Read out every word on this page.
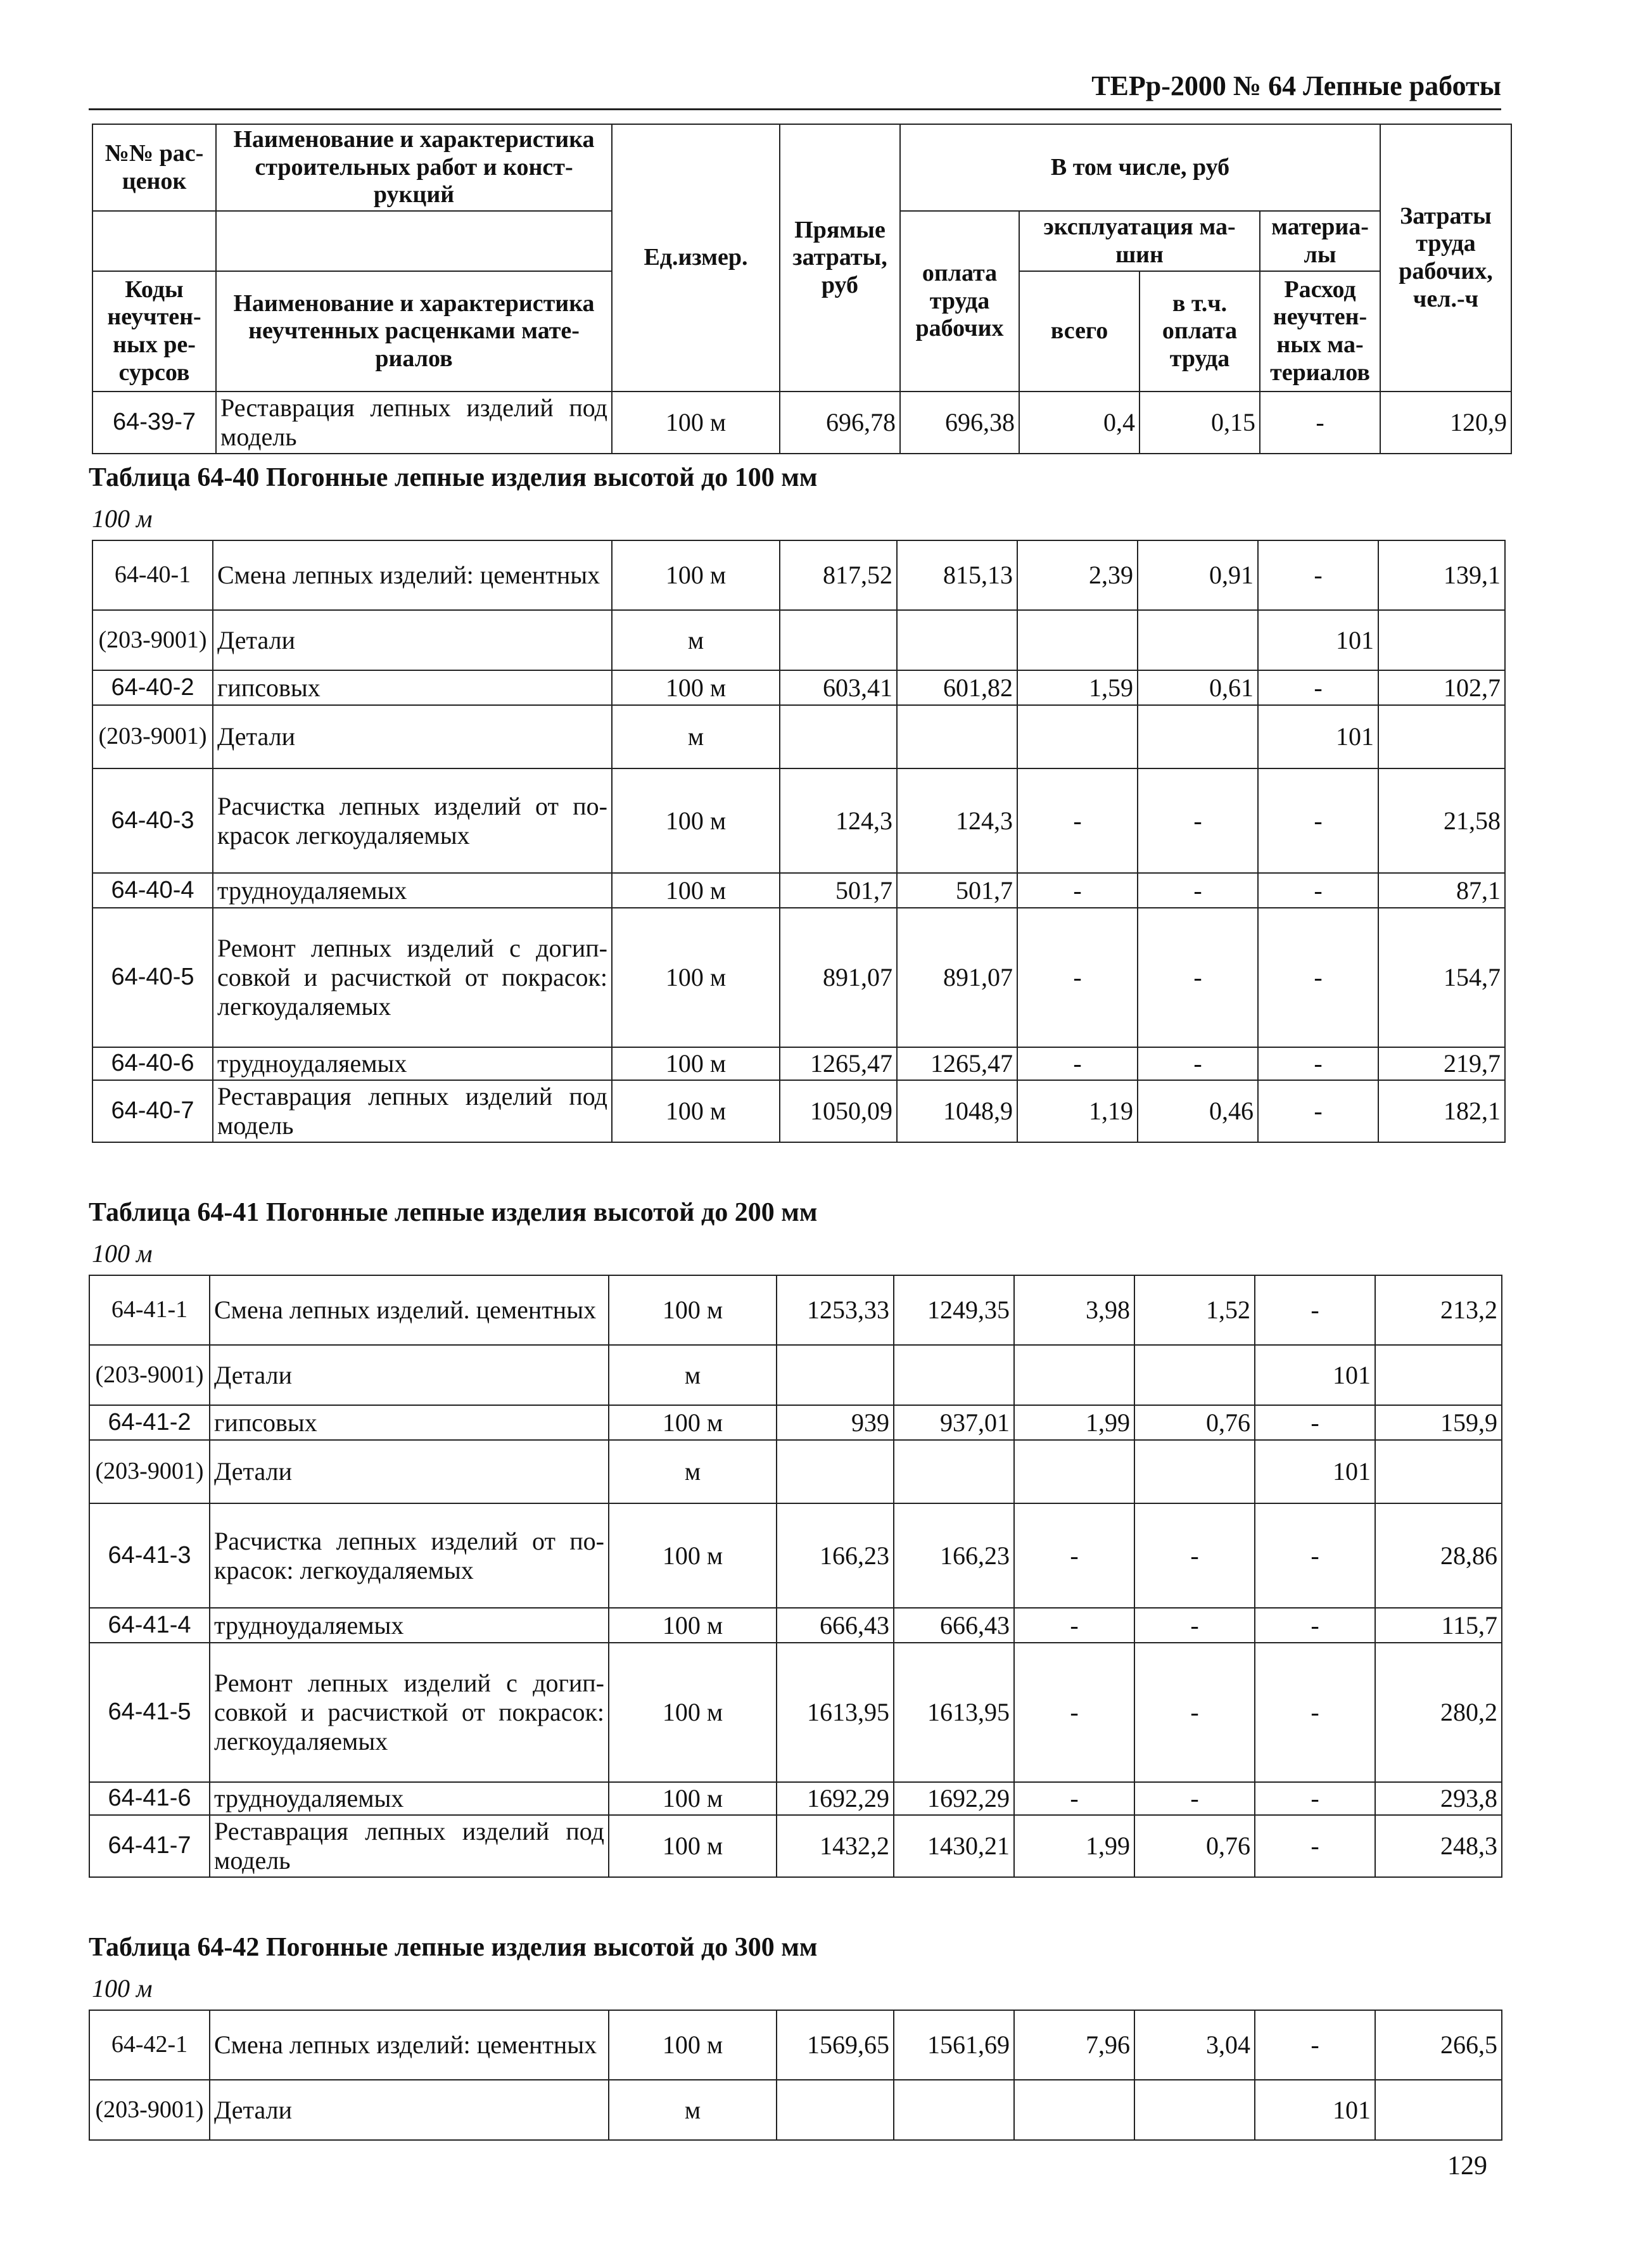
ТЕРр-2000 № 64 Лепные работы
№№ рас-ценок	Наименование и характеристика строительных работ и конст-рукций	Ед.измер.	Прямые затраты, руб	В том числе, руб				Затраты труда рабочих, чел.-ч
				оплата труда рабочих	эксплуатация ма-шин		материа-лы	
Коды неучтен-ных ре-сурсов	Наименование и характеристика неучтенных расценками мате-риалов				всего	в т.ч. оплата труда	Расход неучтен-ных ма-териалов	

64-39-7	Реставрация лепных изделий под модель	100 м	696,78	696,38	0,4	0,15	-	120,9
Таблица 64-40 Погонные лепные изделия высотой до 100 мм
100 м
64-40-1	Смена лепных изделий: цементных	100 м	817,52	815,13	2,39	0,91	-	139,1
(203-9001)	Детали	м					101	
64-40-2	гипсовых	100 м	603,41	601,82	1,59	0,61	-	102,7
(203-9001)	Детали	м					101	
64-40-3	Расчистка лепных изделий от по-красок легкоудаляемых	100 м	124,3	124,3	-	-	-	21,58
64-40-4	трудноудаляемых	100 м	501,7	501,7	-	-	-	87,1
64-40-5	Ремонт лепных изделий с догип-совкой и расчисткой от покрасок: легкоудаляемых	100 м	891,07	891,07	-	-	-	154,7
64-40-6	трудноудаляемых	100 м	1265,47	1265,47	-	-	-	219,7
64-40-7	Реставрация лепных изделий под модель	100 м	1050,09	1048,9	1,19	0,46	-	182,1
Таблица 64-41 Погонные лепные изделия высотой до 200 мм
100 м
64-41-1	Смена лепных изделий. цементных	100 м	1253,33	1249,35	3,98	1,52	-	213,2
(203-9001)	Детали	м					101	
64-41-2	гипсовых	100 м	939	937,01	1,99	0,76	-	159,9
(203-9001)	Детали	м					101	
64-41-3	Расчистка лепных изделий от по-красок: легкоудаляемых	100 м	166,23	166,23	-	-	-	28,86
64-41-4	трудноудаляемых	100 м	666,43	666,43	-	-	-	115,7
64-41-5	Ремонт лепных изделий с догип-совкой и расчисткой от покрасок: легкоудаляемых	100 м	1613,95	1613,95	-	-	-	280,2
64-41-6	трудноудаляемых	100 м	1692,29	1692,29	-	-	-	293,8
64-41-7	Реставрация лепных изделий под модель	100 м	1432,2	1430,21	1,99	0,76	-	248,3
Таблица 64-42 Погонные лепные изделия высотой до 300 мм
100 м
64-42-1	Смена лепных изделий: цементных	100 м	1569,65	1561,69	7,96	3,04	-	266,5
(203-9001)	Детали	м					101	
129
